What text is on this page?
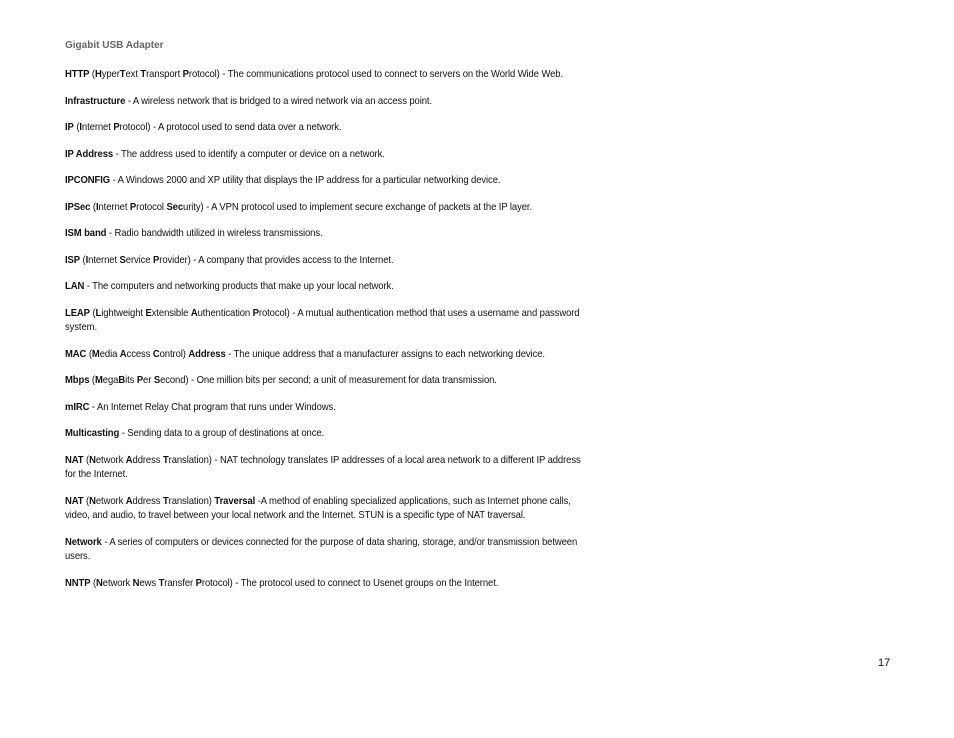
Gigabit USB Adapter

HTTP (HyperText Transport Protocol) - The communications protocol used to connect to servers on the World Wide Web.

Infrastructure - A wireless network that is bridged to a wired network via an access point.

IP (Internet Protocol) - A protocol used to send data over a network.

IP Address - The address used to identify a computer or device on a network.

IPCONFIG - A Windows 2000 and XP utility that displays the IP address for a particular networking device.

IPSec (Internet Protocol Security) - A VPN protocol used to implement secure exchange of packets at the IP layer.

ISM band - Radio bandwidth utilized in wireless transmissions.

ISP (Internet Service Provider) - A company that provides access to the Internet.

LAN - The computers and networking products that make up your local network.

LEAP (Lightweight Extensible Authentication Protocol) - A mutual authentication method that uses a username and password system.

MAC (Media Access Control) Address - The unique address that a manufacturer assigns to each networking device.

Mbps (MegaBits Per Second) - One million bits per second; a unit of measurement for data transmission.

mIRC - An Internet Relay Chat program that runs under Windows.

Multicasting - Sending data to a group of destinations at once.

NAT (Network Address Translation) - NAT technology translates IP addresses of a local area network to a different IP address for the Internet.

NAT (Network Address Translation) Traversal -A method of enabling specialized applications, such as Internet phone calls, video, and audio, to travel between your local network and the Internet. STUN is a specific type of NAT traversal.

Network - A series of computers or devices connected for the purpose of data sharing, storage, and/or transmission between users.

NNTP (Network News Transfer Protocol) - The protocol used to connect to Usenet groups on the Internet.

17
